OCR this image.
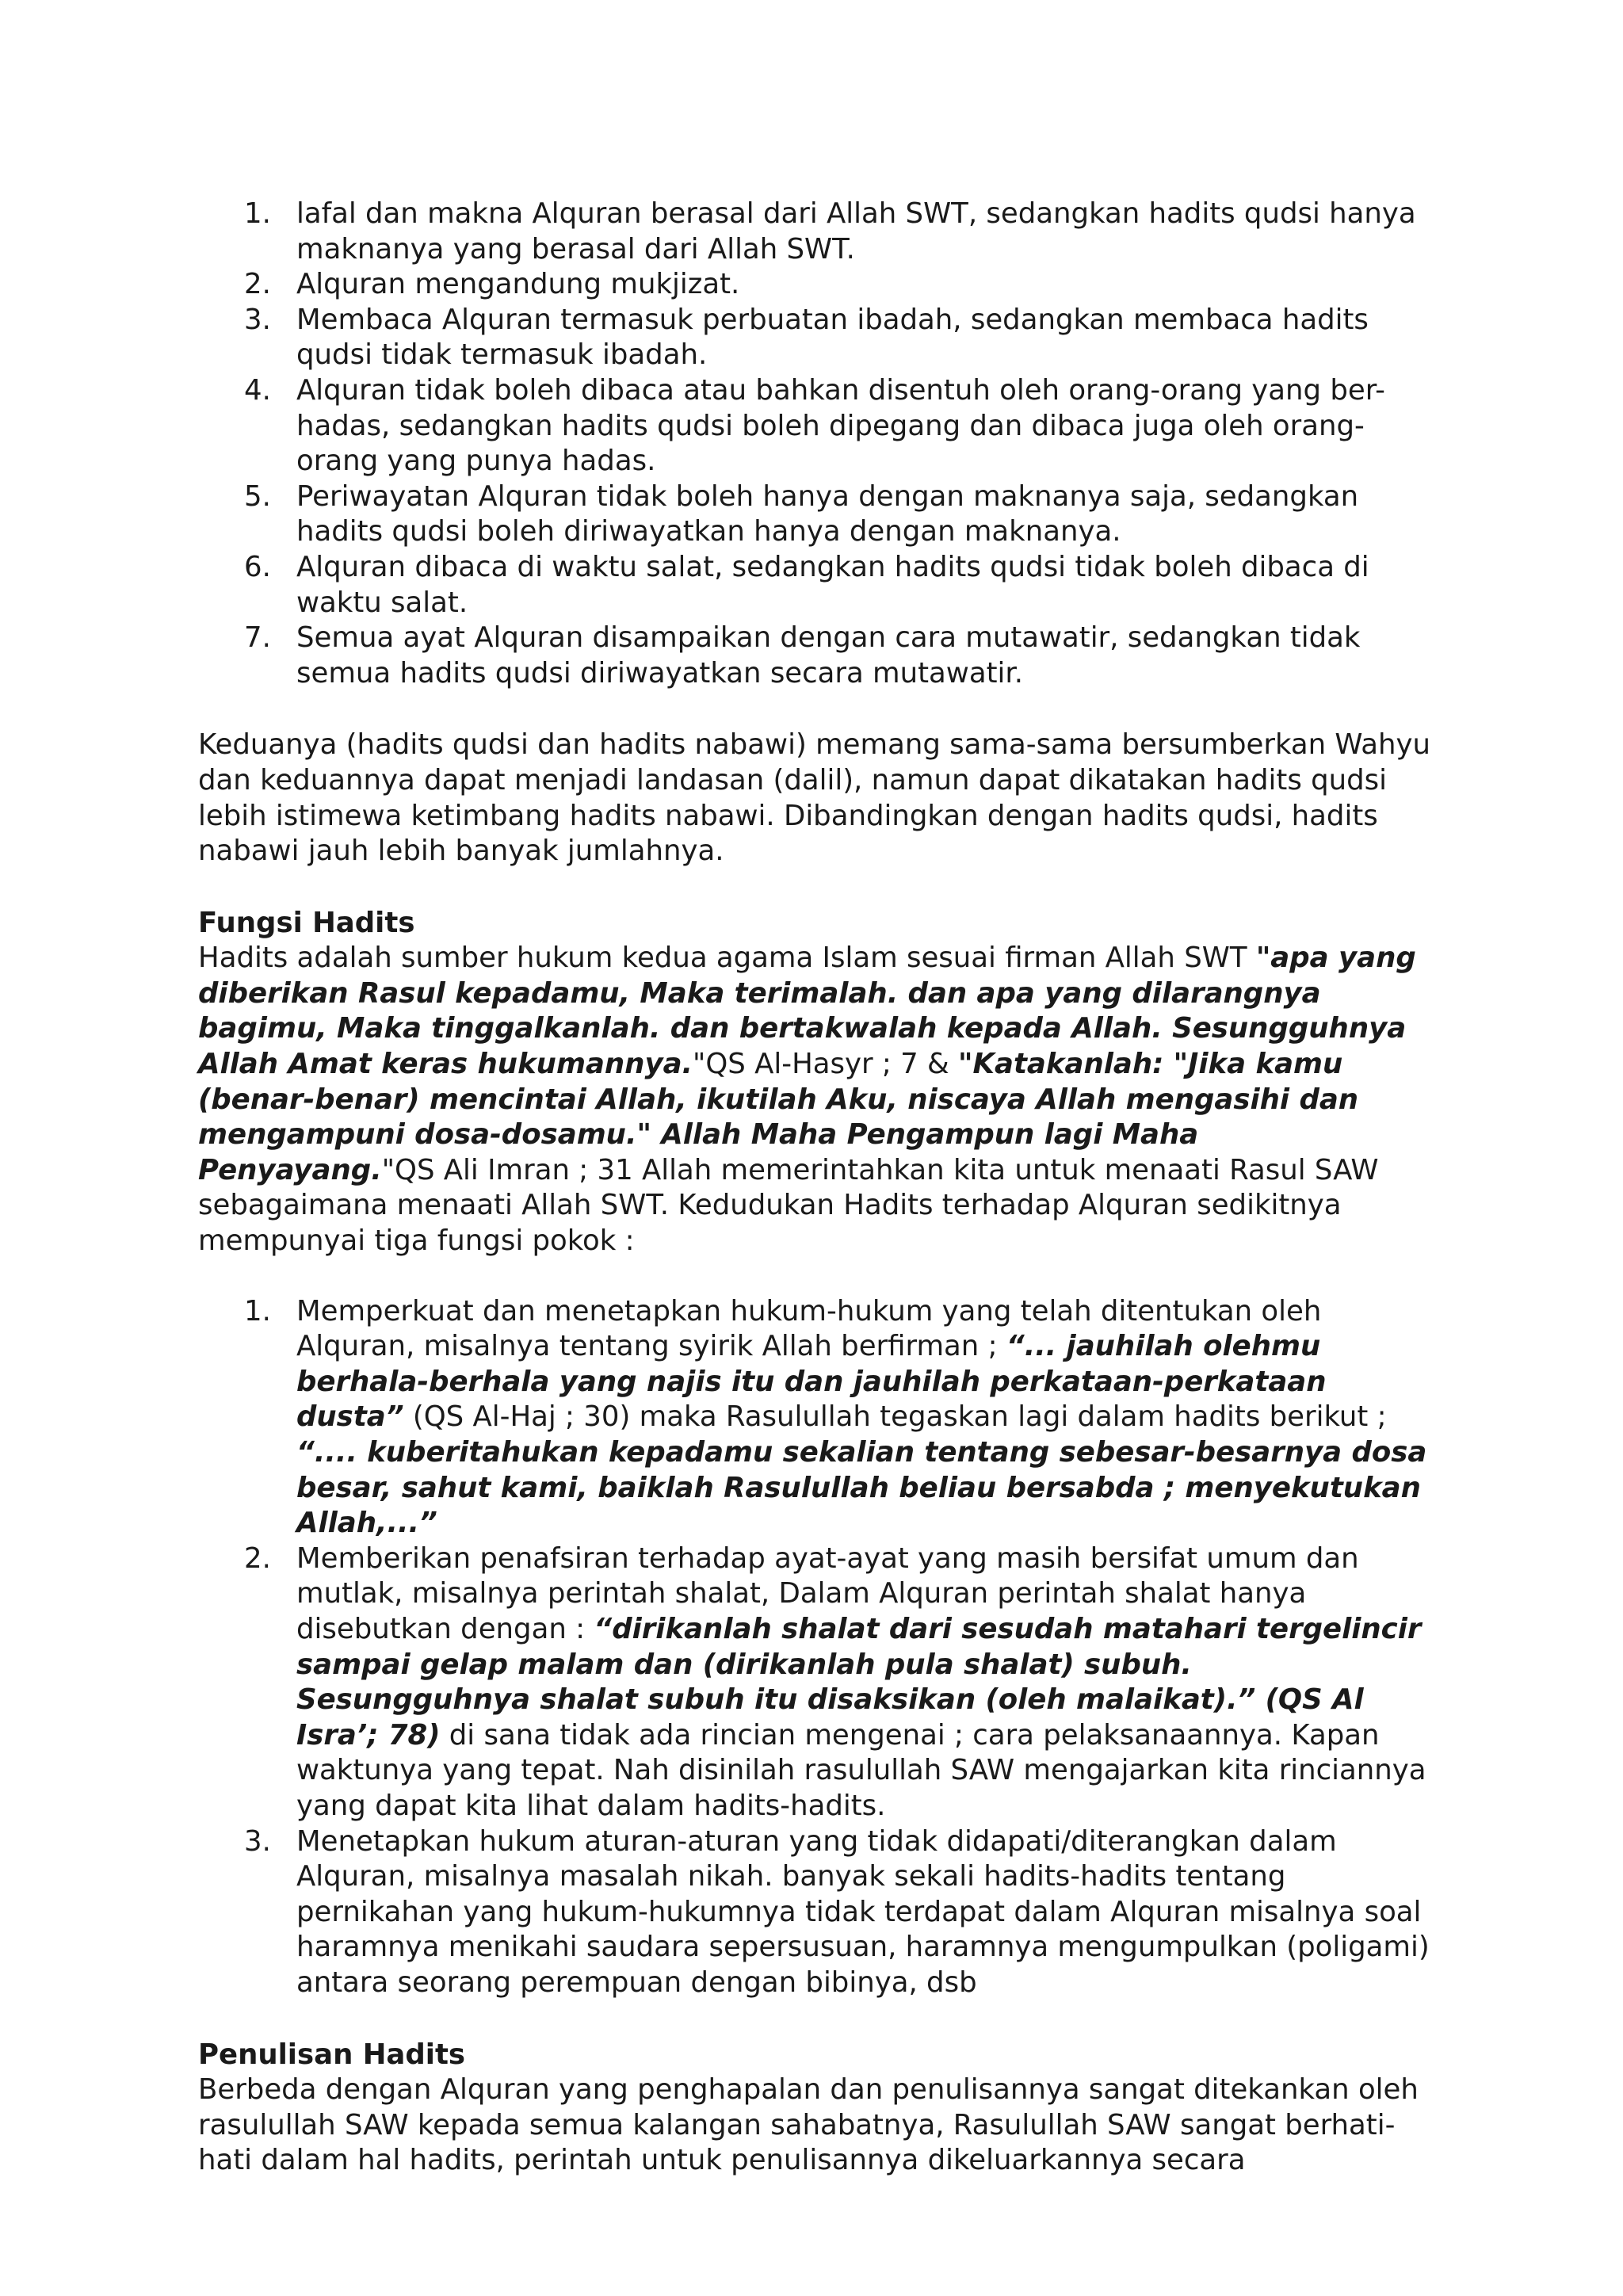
1. lafal dan makna Alquran berasal dari Allah SWT, sedangkan hadits qudsi hanya maknanya yang berasal dari Allah SWT.
2. Alquran mengandung mukjizat.
3. Membaca Alquran termasuk perbuatan ibadah, sedangkan membaca hadits qudsi tidak termasuk ibadah.
4. Alquran tidak boleh dibaca atau bahkan disentuh oleh orang-orang yang ber-
hadas, sedangkan hadits qudsi boleh dipegang dan dibaca juga oleh orang-
orang yang punya hadas.
5. Periwayatan Alquran tidak boleh hanya dengan maknanya saja, sedangkan hadits qudsi boleh diriwayatkan hanya dengan maknanya.
6. Alquran dibaca di waktu salat, sedangkan hadits qudsi tidak boleh dibaca di waktu salat.
7. Semua ayat Alquran disampaikan dengan cara mutawatir, sedangkan tidak semua hadits qudsi diriwayatkan secara mutawatir.

Keduanya (hadits qudsi dan hadits nabawi) memang sama-sama bersumberkan Wahyu dan keduannya dapat menjadi landasan (dalil), namun dapat dikatakan hadits qudsi lebih istimewa ketimbang hadits nabawi. Dibandingkan dengan hadits qudsi, hadits nabawi jauh lebih banyak jumlahnya.

Fungsi Hadits

Hadits adalah sumber hukum kedua agama Islam sesuai firman Allah SWT "apa yang diberikan Rasul kepadamu, Maka terimalah. dan apa yang dilarangnya bagimu, Maka tinggalkanlah. dan bertakwalah kepada Allah. Sesungguhnya Allah Amat keras hukumannya."QS Al-Hasyr ; 7 & "Katakanlah: "Jika kamu (benar-benar) mencintai Allah, ikutilah Aku, niscaya Allah mengasihi dan mengampuni dosa-dosamu." Allah Maha Pengampun lagi Maha Penyayang."QS Ali Imran ; 31 Allah memerintahkan kita untuk menaati Rasul SAW sebagaimana menaati Allah SWT. Kedudukan Hadits terhadap Alquran sedikitnya mempunyai tiga fungsi pokok :

1. Memperkuat dan menetapkan hukum-hukum yang telah ditentukan oleh Alquran, misalnya tentang syirik Allah berfirman ; “... jauhilah olehmu berhala-berhala yang najis itu dan jauhilah perkataan-perkataan dusta” (QS Al-Haj ; 30) maka Rasulullah tegaskan lagi dalam hadits berikut ; “.... kuberitahukan kepadamu sekalian tentang sebesar-besarnya dosa besar, sahut kami, baiklah Rasulullah beliau bersabda ; menyekutukan Allah,...”
2. Memberikan penafsiran terhadap ayat-ayat yang masih bersifat umum dan mutlak, misalnya perintah shalat, Dalam Alquran perintah shalat hanya disebutkan dengan : “dirikanlah shalat dari sesudah matahari tergelincir sampai gelap malam dan (dirikanlah pula shalat) subuh. Sesungguhnya shalat subuh itu disaksikan (oleh malaikat).” (QS Al Isra’; 78) di sana tidak ada rincian mengenai ; cara pelaksanaannya. Kapan waktunya yang tepat. Nah disinilah rasulullah SAW mengajarkan kita rinciannya yang dapat kita lihat dalam hadits-hadits.
3. Menetapkan hukum aturan-aturan yang tidak didapati/diterangkan dalam Alquran, misalnya masalah nikah. banyak sekali hadits-hadits tentang pernikahan yang hukum-hukumnya tidak terdapat dalam Alquran misalnya soal haramnya menikahi saudara sepersusuan, haramnya mengumpulkan (poligami) antara seorang perempuan dengan bibinya, dsb
Penulisan Hadits

Berbeda dengan Alquran yang penghapalan dan penulisannya sangat ditekankan oleh rasulullah SAW kepada semua kalangan sahabatnya, Rasulullah SAW sangat berhati-hati dalam hal hadits, perintah untuk penulisannya dikeluarkannya secara
